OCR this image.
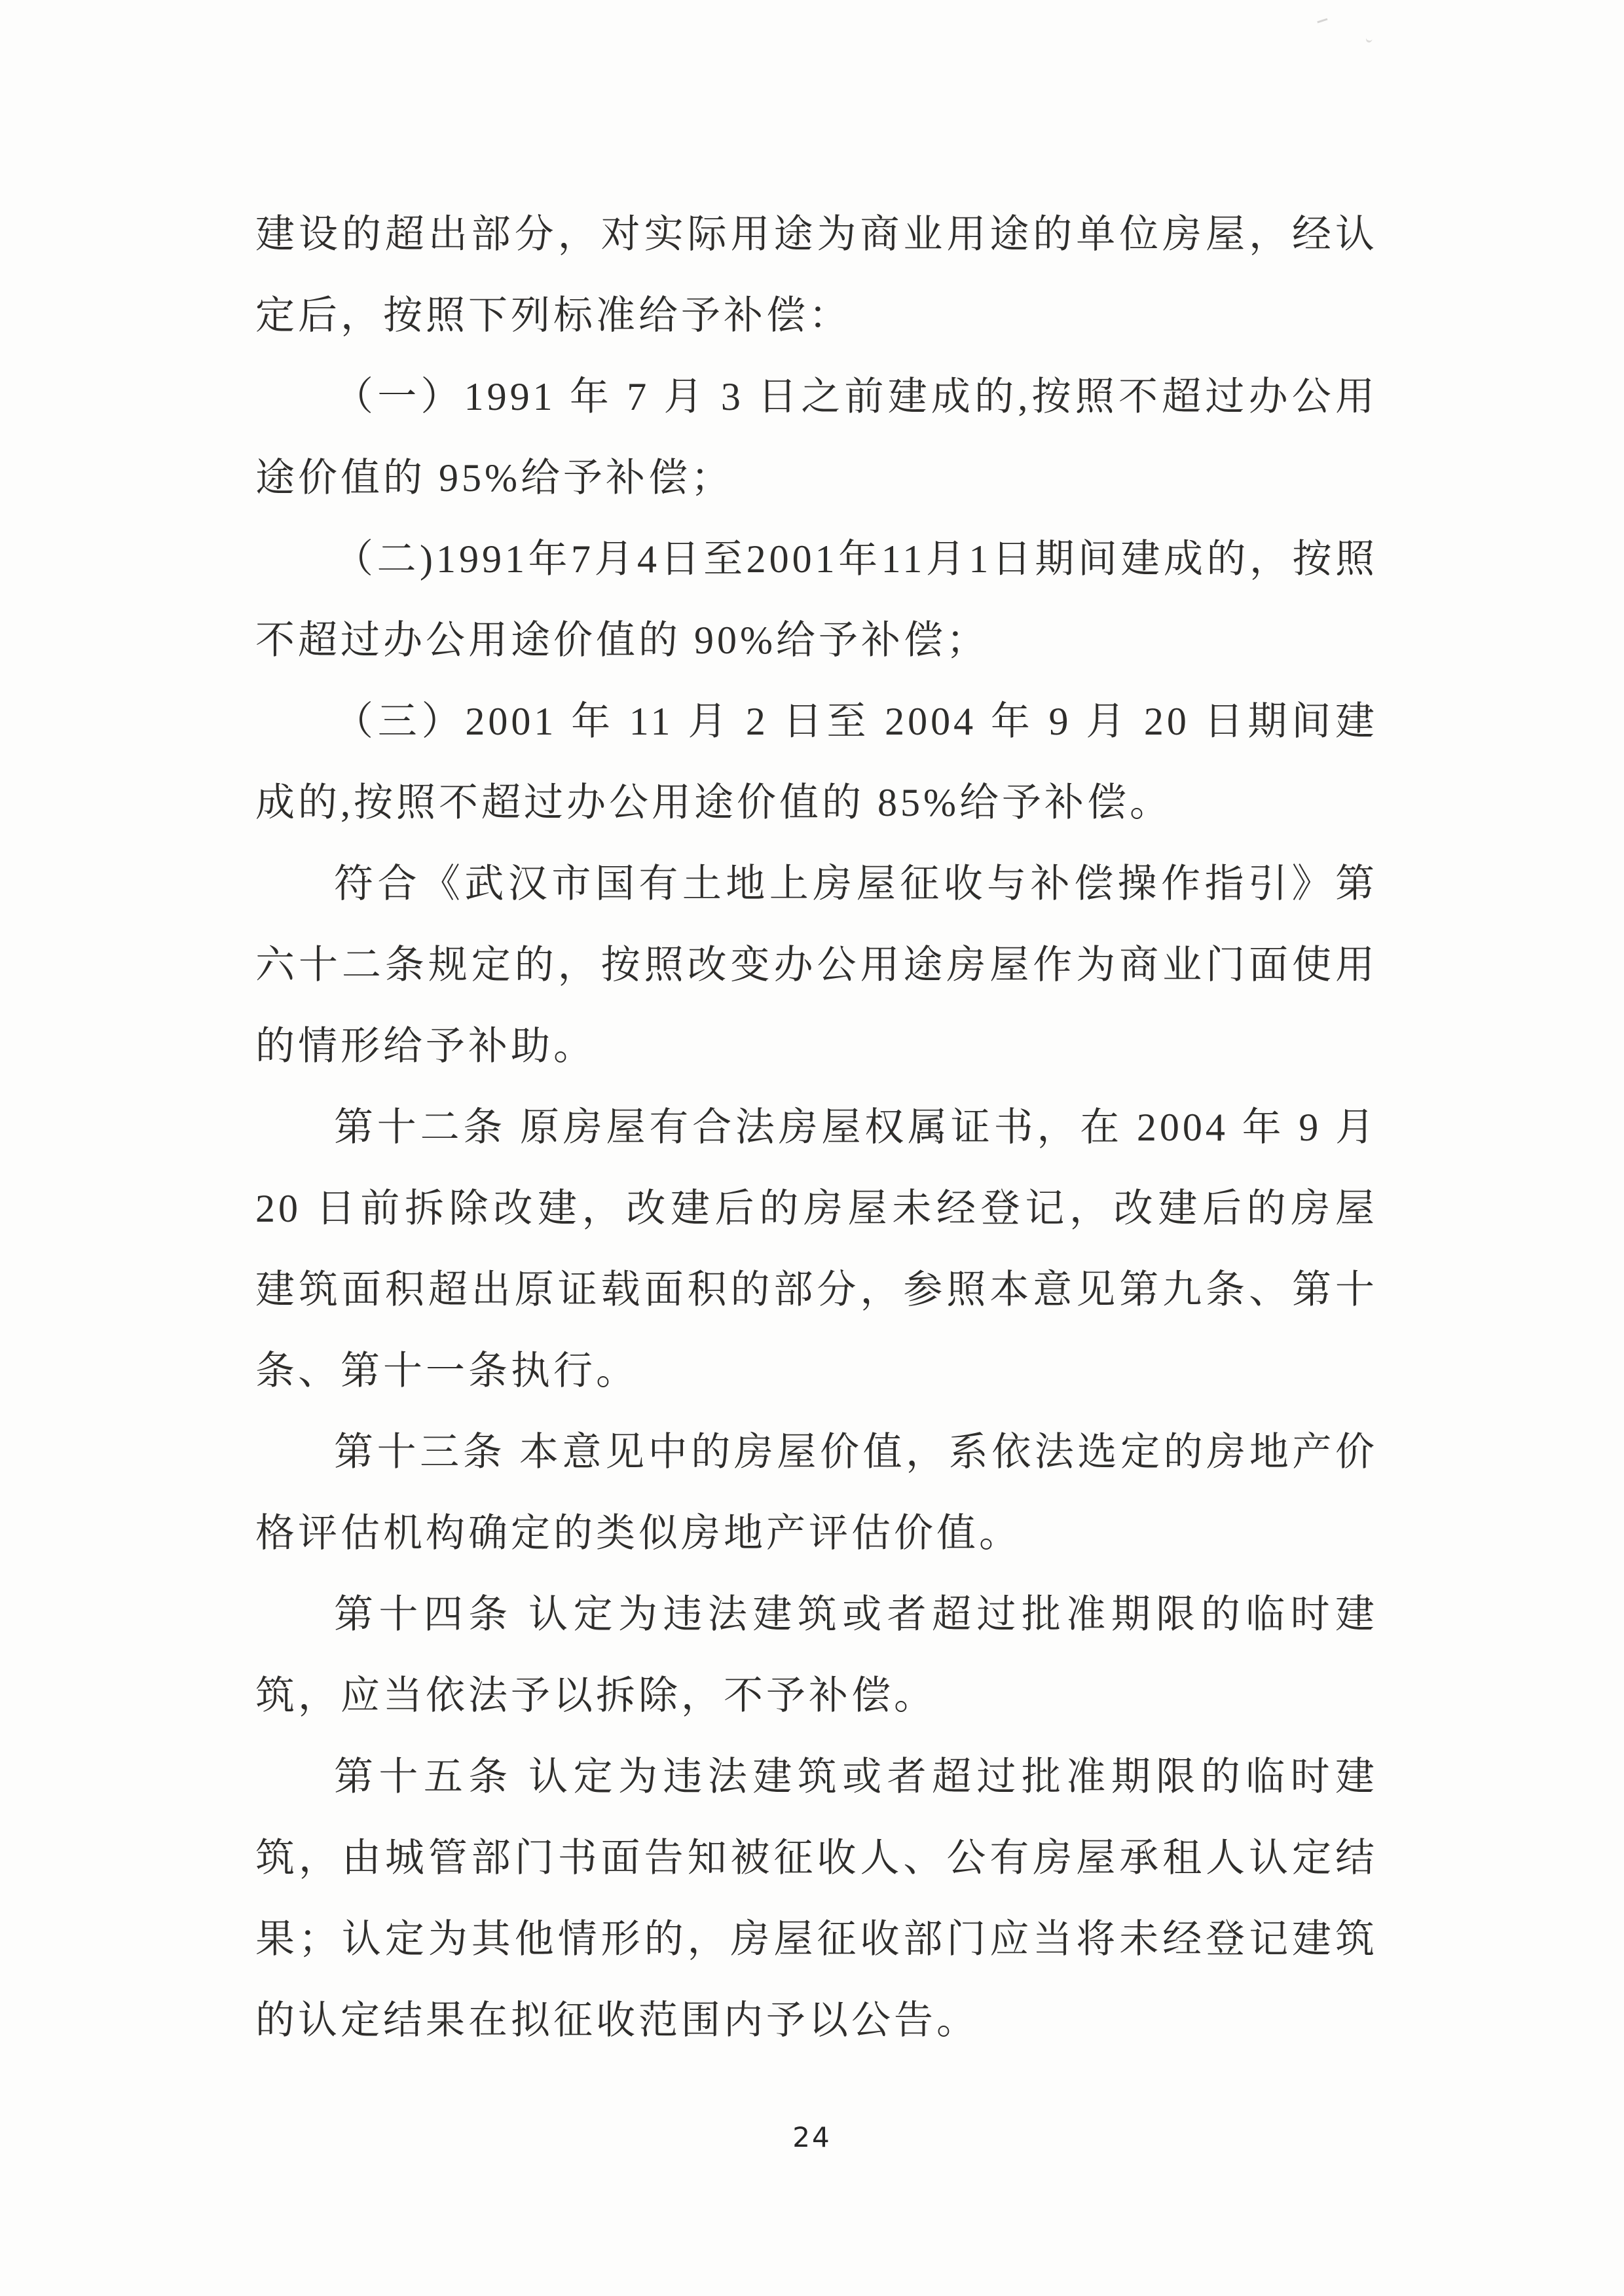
建设的超出部分，对实际用途为商业用途的单位房屋，经认定后，按照下列标准给予补偿：

（一）1991 年 7 月 3 日之前建成的,按照不超过办公用途价值的 95%给予补偿；

（二)1991年7月4日至2001年11月1日期间建成的，按照不超过办公用途价值的 90%给予补偿；

（三）2001 年 11 月 2 日至 2004 年 9 月 20 日期间建成的,按照不超过办公用途价值的 85%给予补偿。

符合《武汉市国有土地上房屋征收与补偿操作指引》第六十二条规定的，按照改变办公用途房屋作为商业门面使用的情形给予补助。

第十二条 原房屋有合法房屋权属证书，在 2004 年 9 月 20 日前拆除改建，改建后的房屋未经登记，改建后的房屋建筑面积超出原证载面积的部分，参照本意见第九条、第十条、第十一条执行。

第十三条 本意见中的房屋价值，系依法选定的房地产价格评估机构确定的类似房地产评估价值。

第十四条 认定为违法建筑或者超过批准期限的临时建筑，应当依法予以拆除，不予补偿。

第十五条 认定为违法建筑或者超过批准期限的临时建筑，由城管部门书面告知被征收人、公有房屋承租人认定结果；认定为其他情形的，房屋征收部门应当将未经登记建筑的认定结果在拟征收范围内予以公告。

24
